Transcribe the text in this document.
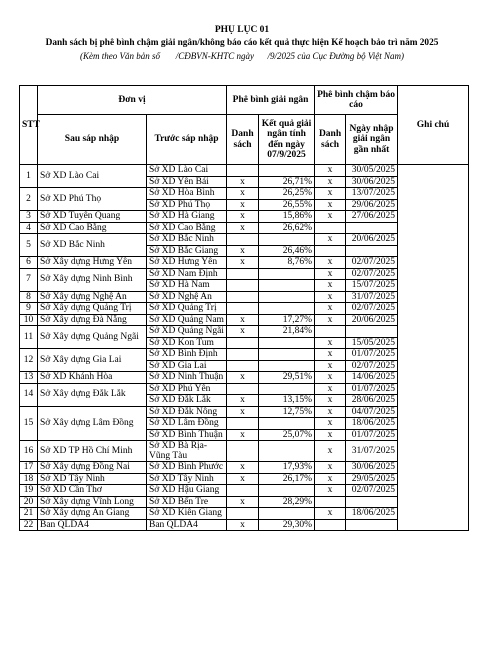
PHỤ LỤC 01
Danh sách bị phê bình chậm giải ngân/không báo cáo kết quả thực hiện Kế hoạch bảo trì năm 2025
(Kèm theo Văn bản số       /CĐBVN-KHTC ngày      /9/2025 của Cục Đường bộ Việt Nam)
STT	Đơn vị		Phê bình giải ngân		Phê bình chậm báo cáo		Ghi chú
	Sau sáp nhập	Trước sáp nhập	Danh sách	Kết quả giải ngân tính đến ngày 07/9/2025	Danh sách	Ngày nhập giải ngân gần nhất	
1	Sở XD Lào Cai	Sở XD Lào Cai			x	30/05/2025	
		Sở XD Yên Bái	x	26,71%	x	30/06/2025	
2	Sở XD Phú Thọ	Sở XD Hòa Bình	x	26,25%	x	13/07/2025	
		Sở XD Phú Thọ	x	26,55%	x	29/06/2025	
3	Sở XD Tuyên Quang	Sở XD Hà Giang	x	15,86%	x	27/06/2025	
4	Sở XD Cao Bằng	Sở XD Cao Bằng	x	26,62%			
5	Sở XD Bắc Ninh	Sở XD Bắc Ninh			x	20/06/2025	
		Sở XD Bắc Giang	x	26,46%			
6	Sở Xây dựng Hưng Yên	Sở XD Hưng Yên	x	8,76%	x	02/07/2025	
7	Sở Xây dựng Ninh Bình	Sở XD Nam Định			x	02/07/2025	
		Sở XD Hà Nam			x	15/07/2025	
8	Sở Xây dựng Nghệ An	Sở XD Nghệ An			x	31/07/2025	
9	Sở Xây dựng Quảng Trị	Sở XD Quảng Trị			x	02/07/2025	
10	Sở Xây dựng Đà Nẵng	Sở XD Quảng Nam	x	17,27%	x	20/06/2025	
11	Sở Xây dựng Quảng Ngãi	Sở XD Quảng Ngãi	x	21,84%			
		Sở XD Kon Tum			x	15/05/2025	
12	Sở Xây dựng Gia Lai	Sở XD Bình Định			x	01/07/2025	
		Sở XD Gia Lai			x	02/07/2025	
13	Sở XD Khánh Hòa	Sở XD Ninh Thuận	x	29,51%	x	14/06/2025	
14	Sở Xây dựng Đắk Lắk	Sở XD Phú Yên			x	01/07/2025	
		Sở XD Đắk Lắk	x	13,15%	x	28/06/2025	
15	Sở Xây dựng Lâm Đồng	Sở XD Đắk Nông	x	12,75%	x	04/07/2025	
		Sở XD Lâm Đồng			x	18/06/2025	
		Sở XD Bình Thuận	x	25,07%	x	01/07/2025	
16	Sở XD TP Hồ Chí Minh	Sở XD Bà Rịa-Vũng Tàu			x	31/07/2025	
17	Sở Xây dựng Đồng Nai	Sở XD Bình Phước	x	17,93%	x	30/06/2025	
18	Sở XD Tây Ninh	Sở XD Tây Ninh	x	26,17%	x	29/05/2025	
19	Sở XD Cần Thơ	Sở XD Hậu Giang			x	02/07/2025	
20	Sở Xây dựng Vĩnh Long	Sở XD Bến Tre	x	28,29%			
21	Sở Xây dựng An Giang	Sở XD Kiên Giang			x	18/06/2025	
22	Ban QLDA4	Ban QLDA4	x	29,30%			
